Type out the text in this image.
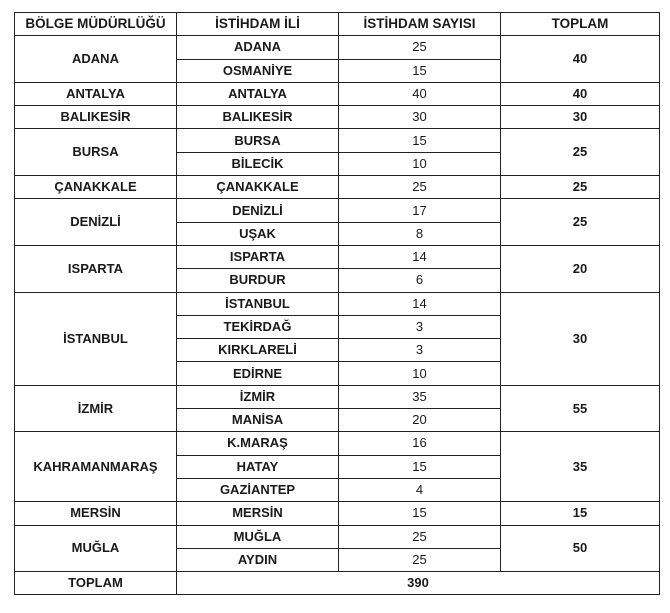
BÖLGE MÜDÜRLÜĞÜ	İSTİHDAM İLİ	İSTİHDAM SAYISI	TOPLAM
ADANA	ADANA	25	40
	OSMANİYE	15	
ANTALYA	ANTALYA	40	40
BALIKESİR	BALIKESİR	30	30
BURSA	BURSA	15	25
	BİLECİK	10	
ÇANAKKALE	ÇANAKKALE	25	25
DENİZLİ	DENİZLİ	17	25
	UŞAK	8	
ISPARTA	ISPARTA	14	20
	BURDUR	6	
İSTANBUL	İSTANBUL	14	30
	TEKİRDAĞ	3	
	KIRKLARELİ	3	
	EDİRNE	10	
İZMİR	İZMİR	35	55
	MANİSA	20	
KAHRAMANMARAŞ	K.MARAŞ	16	35
	HATAY	15	
	GAZİANTEP	4	
MERSİN	MERSİN	15	15
MUĞLA	MUĞLA	25	50
	AYDIN	25	
TOPLAM	390		
